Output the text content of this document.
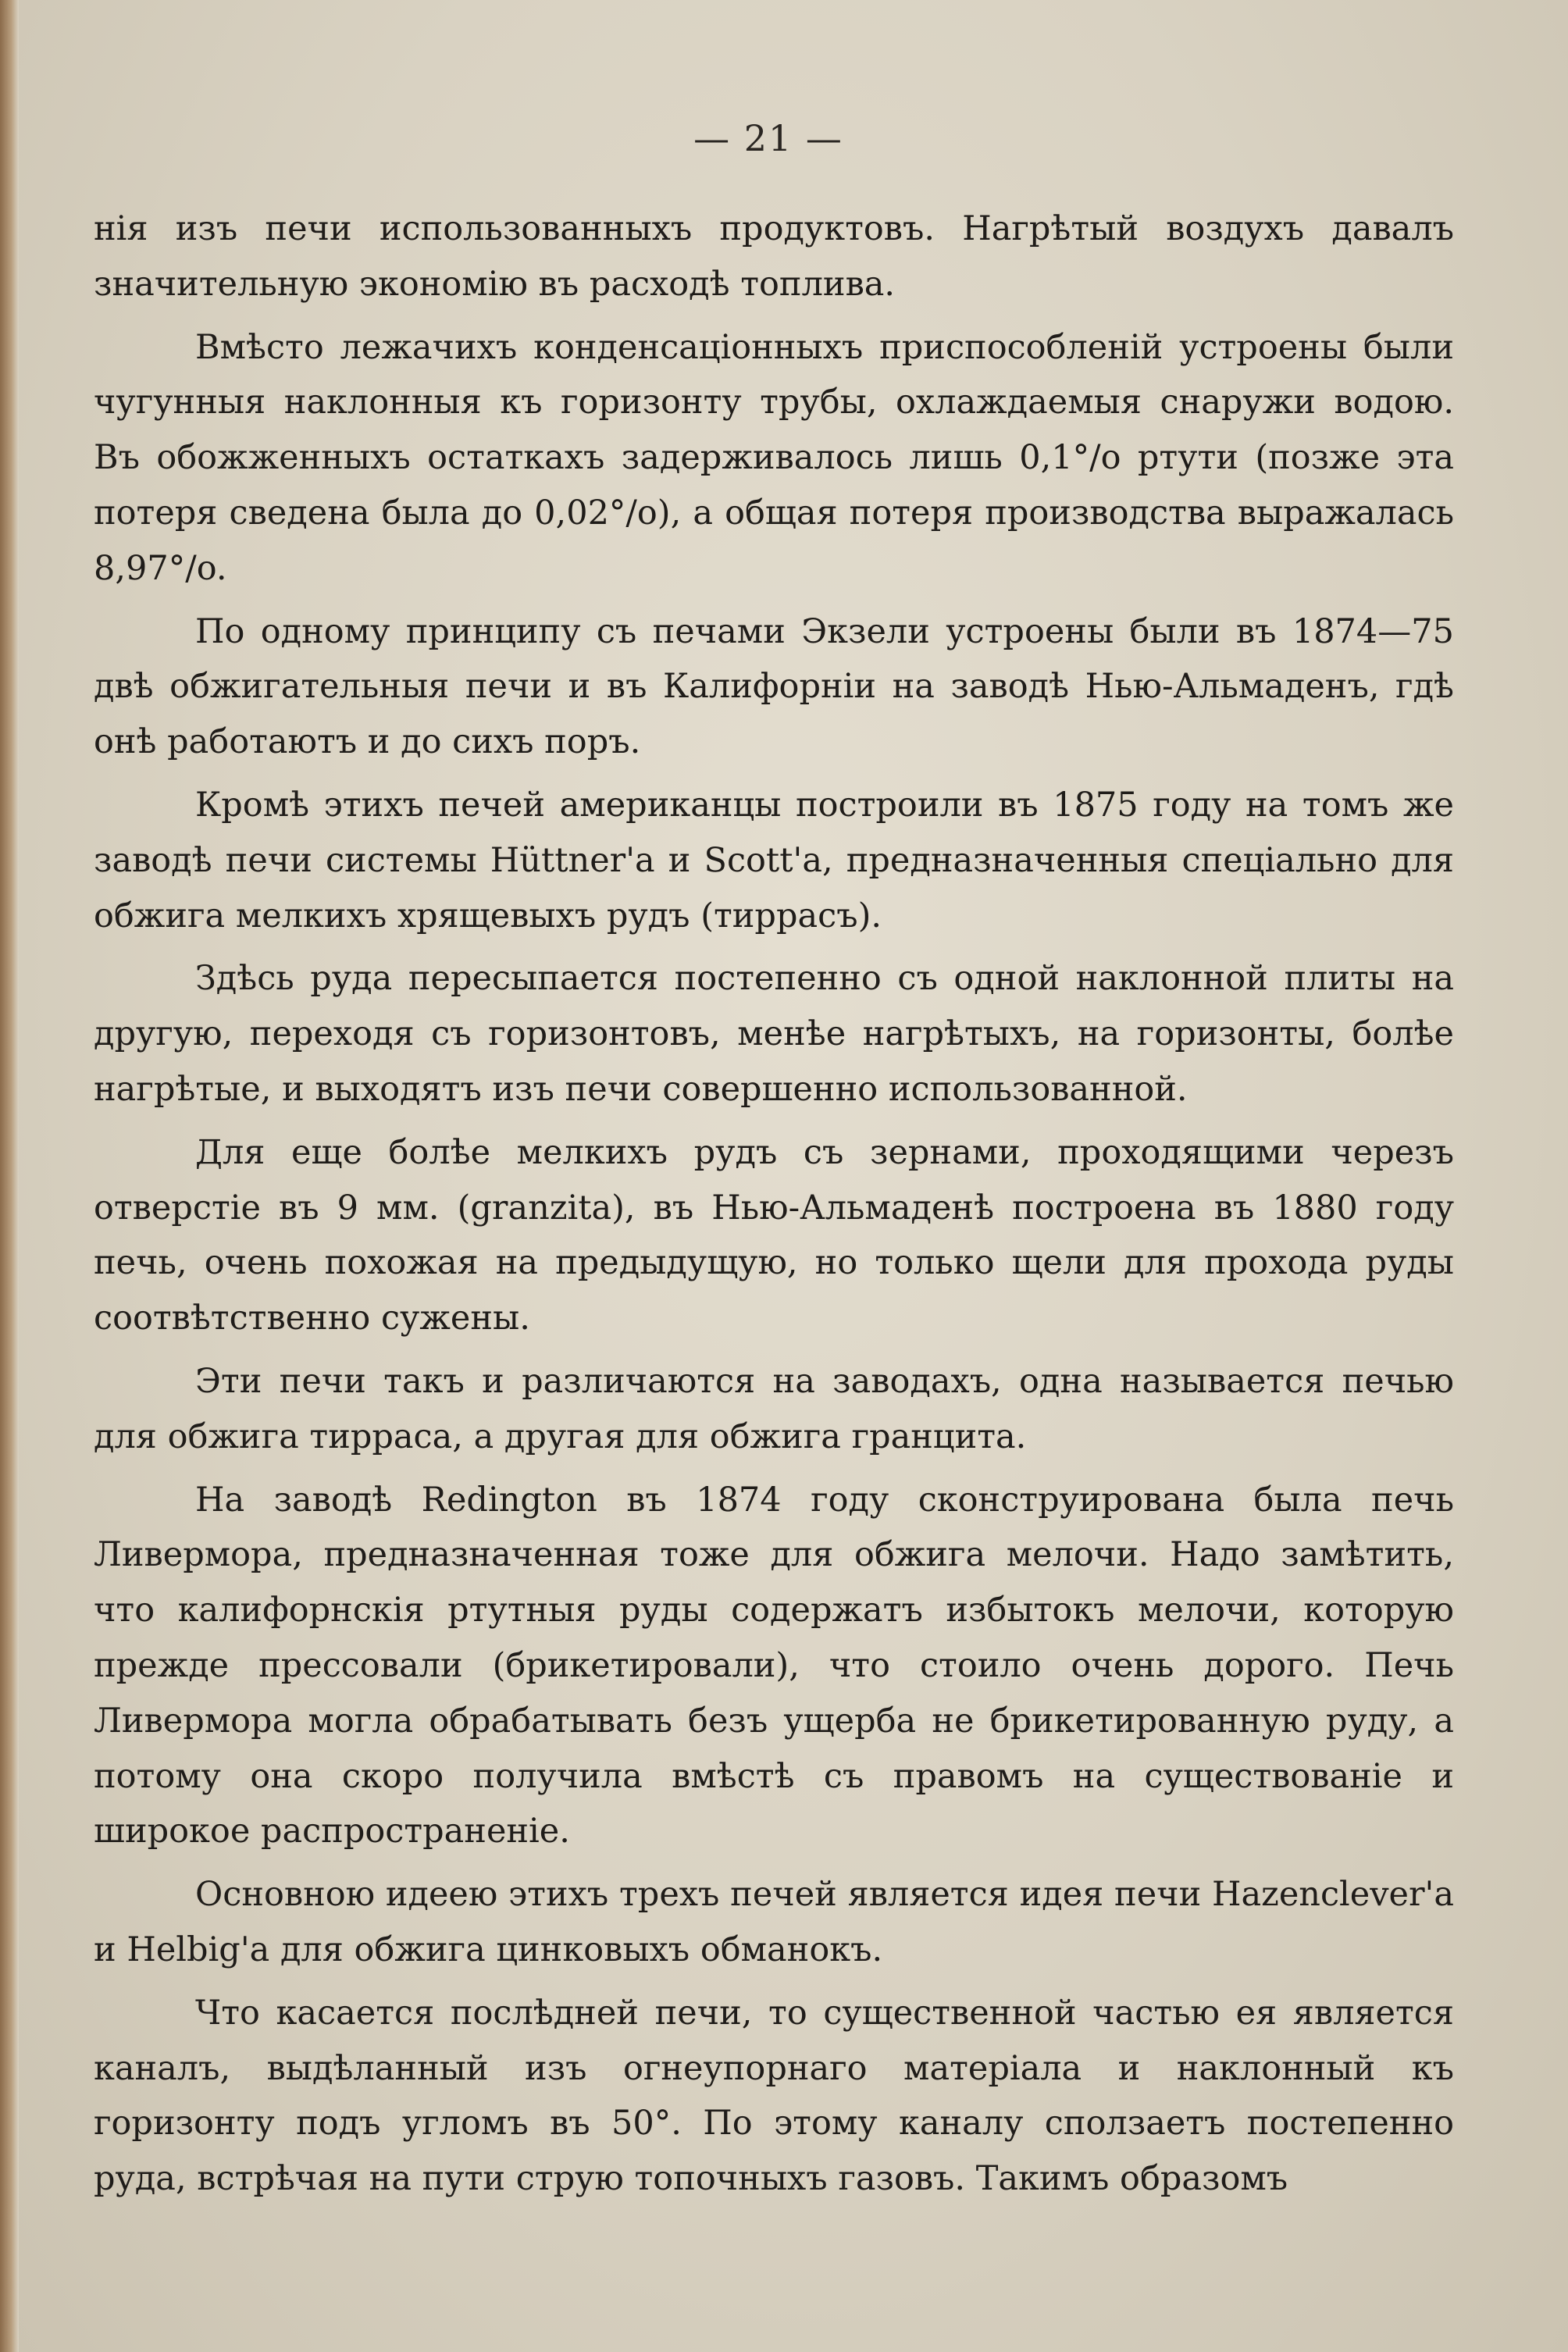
— 21 —

нія изъ печи использованныхъ продуктовъ. Нагрѣтый воздухъ давалъ значительную экономію въ расходѣ топлива.

Вмѣсто лежачихъ конденсаціонныхъ приспособленій устроены были чугунныя наклонныя къ горизонту трубы, охлаждаемыя снаружи водою. Въ обожженныхъ остаткахъ задерживалось лишь 0,1°/o ртути (позже эта потеря сведена была до 0,02°/o), а общая потеря производства выражалась 8,97°/o.

По одному принципу съ печами Экзели устроены были въ 1874—75 двѣ обжигательныя печи и въ Калифорніи на заводѣ Нью-Альмаденъ, гдѣ онѣ работаютъ и до сихъ поръ.

Кромѣ этихъ печей американцы построили въ 1875 году на томъ же заводѣ печи системы Hüttner'а и Scott'а, предназначенныя спеціально для обжига мелкихъ хрящевыхъ рудъ (тиррасъ).

Здѣсь руда пересыпается постепенно съ одной наклонной плиты на другую, переходя съ горизонтовъ, менѣе нагрѣтыхъ, на горизонты, болѣе нагрѣтые, и выходятъ изъ печи совершенно использованной.

Для еще болѣе мелкихъ рудъ съ зернами, проходящими черезъ отверстіе въ 9 мм. (granzita), въ Нью-Альмаденѣ построена въ 1880 году печь, очень похожая на предыдущую, но только щели для прохода руды соотвѣтственно сужены.

Эти печи такъ и различаются на заводахъ, одна называется печью для обжига тирраса, а другая для обжига гранцита.

На заводѣ Redington въ 1874 году сконструирована была печь Ливермора, предназначенная тоже для обжига мелочи. Надо замѣтить, что калифорнскія ртутныя руды содержатъ избытокъ мелочи, которую прежде прессовали (брикетировали), что стоило очень дорого. Печь Ливермора могла обрабатывать безъ ущерба не брикетированную руду, а потому она скоро получила вмѣстѣ съ правомъ на существованіе и широкое распространеніе.

Основною идеею этихъ трехъ печей является идея печи Hazenclever'а и Helbig'а для обжига цинковыхъ обманокъ.

Что касается послѣдней печи, то существенной частью ея является каналъ, выдѣланный изъ огнеупорнаго матеріала и наклонный къ горизонту подъ угломъ въ 50°. По этому каналу сползаетъ постепенно руда, встрѣчая на пути струю топочныхъ газовъ. Такимъ образомъ
